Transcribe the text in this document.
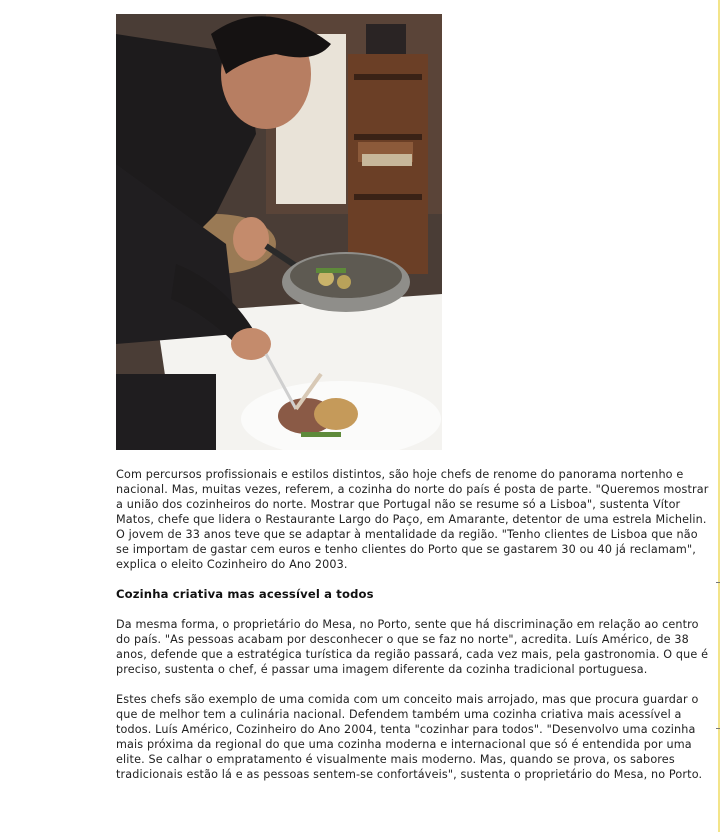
Com percursos profissionais e estilos distintos, são hoje chefs de renome do panorama nortenho e nacional. Mas, muitas vezes, referem, a cozinha do norte do país é posta de parte. "Queremos mostrar a união dos cozinheiros do norte. Mostrar que Portugal não se resume só a Lisboa", sustenta Vítor Matos, chefe que lidera o Restaurante Largo do Paço, em Amarante, detentor de uma estrela Michelin. O jovem de 33 anos teve que se adaptar à mentalidade da região. "Tenho clientes de Lisboa que não se importam de gastar cem euros e tenho clientes do Porto que se gastarem 30 ou 40 já reclamam", explica o eleito Cozinheiro do Ano 2003.

Cozinha criativa mas acessível a todos

Da mesma forma, o proprietário do Mesa, no Porto, sente que há discriminação em relação ao centro do país. "As pessoas acabam por desconhecer o que se faz no norte", acredita. Luís Américo, de 38 anos, defende que a estratégica turística da região passará, cada vez mais, pela gastronomia. O que é preciso, sustenta o chef, é passar uma imagem diferente da cozinha tradicional portuguesa.

Estes chefs são exemplo de uma comida com um conceito mais arrojado, mas que procura guardar o que de melhor tem a culinária nacional. Defendem também uma cozinha criativa mais acessível a todos. Luís Américo, Cozinheiro do Ano 2004, tenta "cozinhar para todos". "Desenvolvo uma cozinha mais próxima da regional do que uma cozinha moderna e internacional que só é entendida por uma elite. Se calhar o empratamento é visualmente mais moderno. Mas, quando se prova, os sabores tradicionais estão lá e as pessoas sentem-se confortáveis", sustenta o proprietário do Mesa, no Porto.
